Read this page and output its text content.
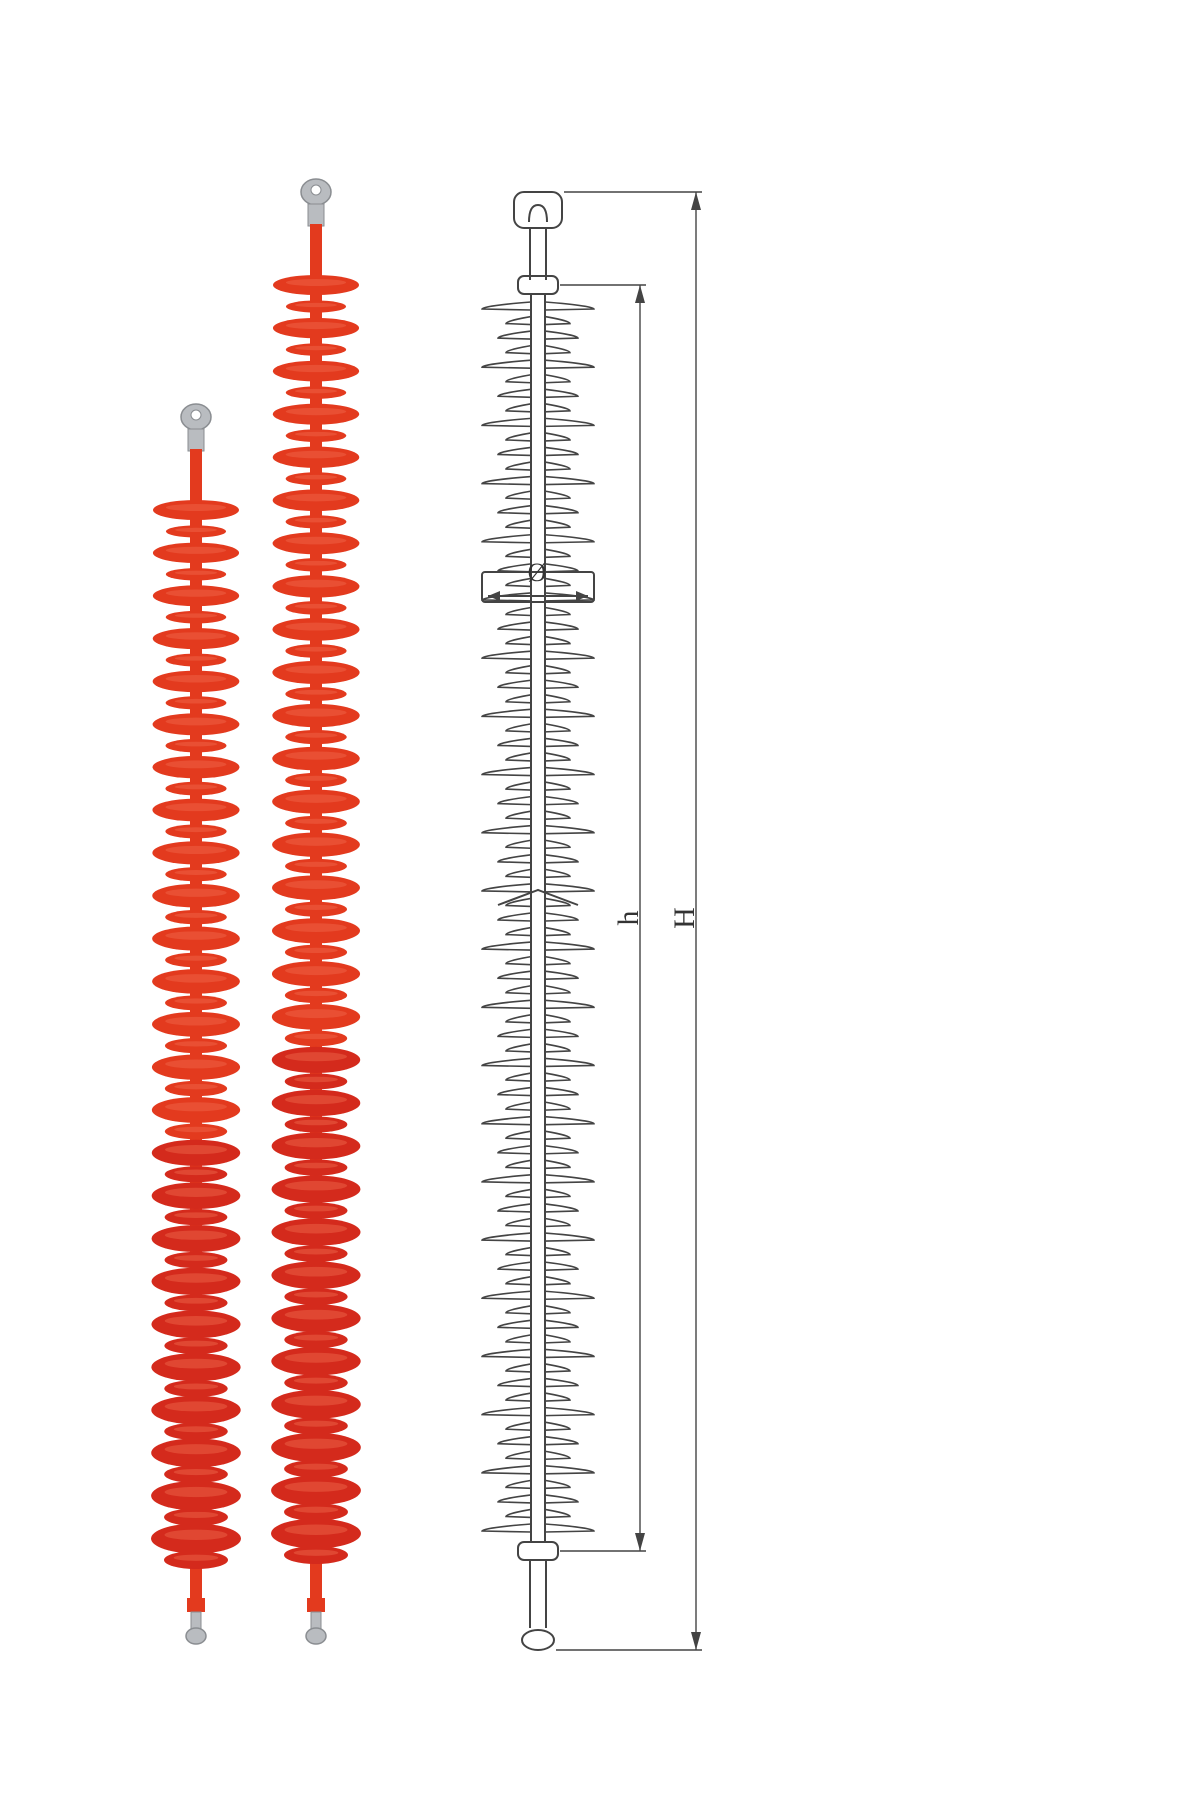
Ø
h H
